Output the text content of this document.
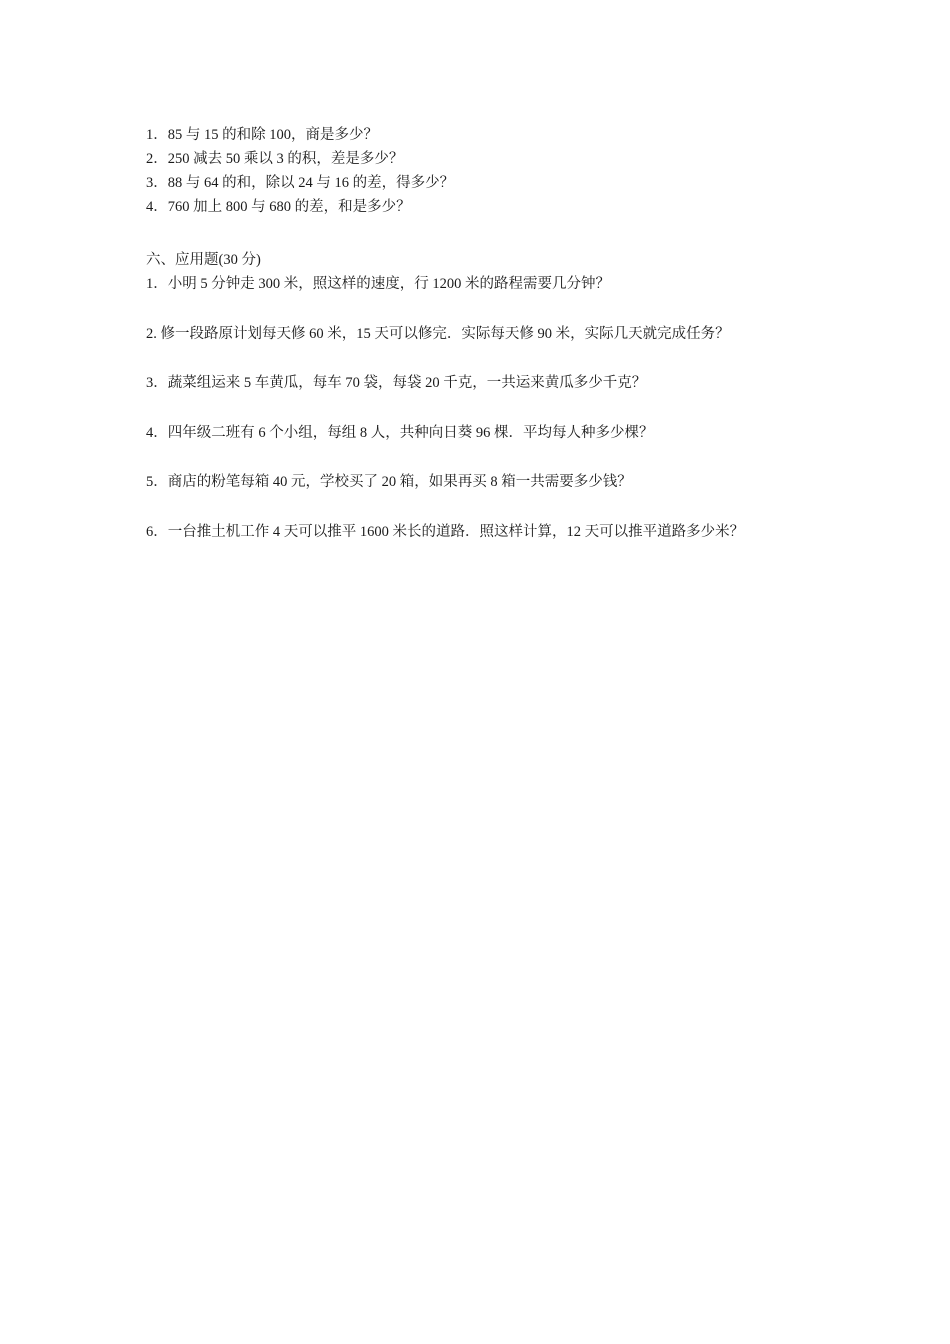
1．85 与 15 的和除 100，商是多少？
2．250 减去 50 乘以 3 的积，差是多少？
3．88 与 64 的和，除以 24 与 16 的差，得多少？
4．760 加上 800 与 680 的差，和是多少？
六、应用题(30 分)
1．小明 5 分钟走 300 米，照这样的速度，行 1200 米的路程需要几分钟？
2. 修一段路原计划每天修 60 米，15 天可以修完．实际每天修 90 米，实际几天就完成任务？
3．蔬菜组运来 5 车黄瓜，每车 70 袋，每袋 20 千克，一共运来黄瓜多少千克？
4．四年级二班有 6 个小组，每组 8 人，共种向日葵 96 棵．平均每人种多少棵？
5．商店的粉笔每箱 40 元，学校买了 20 箱，如果再买 8 箱一共需要多少钱？
6．一台推土机工作 4 天可以推平 1600 米长的道路．照这样计算，12 天可以推平道路多少米？
